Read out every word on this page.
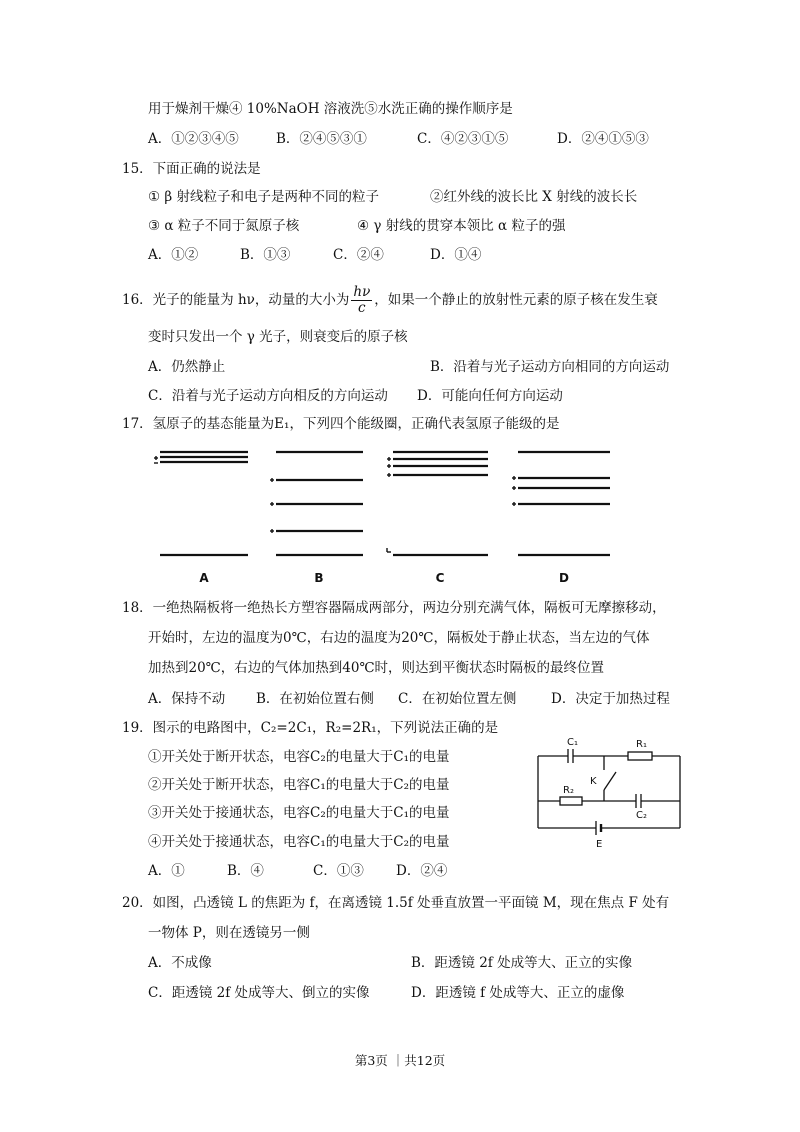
用于燥剂干燥④ 10%NaOH 溶液洗⑤水洗正确的操作顺序是
A．①②③④⑤	B．②④⑤③①	C．④②③①⑤	D．②④①⑤③
15．下面正确的说法是
① β 射线粒子和电子是两种不同的粒子	②红外线的波长比 X 射线的波长长
③ α 粒子不同于氮原子核	④ γ 射线的贯穿本领比 α 粒子的强
A．①②	B．①③	C．②④	D．①④
16．光子的能量为 hν，动量的大小为 $\frac{h\nu}{c}$ ，如果一个静止的放射性元素的原子核在发生衰
变时只发出一个 γ 光子，则衰变后的原子核
A．仍然静止	B．沿着与光子运动方向相同的方向运动
C．沿着与光子运动方向相反的方向运动 D．可能向任何方向运动
17．氢原子的基态能量为E₁，下列四个能级圈，正确代表氢原子能级的是
A	B	C	D
18．一绝热隔板将一绝热长方塑容器隔成两部分，两边分别充满气体，隔板可无摩擦移动，
开始时，左边的温度为0℃，右边的温度为20℃，隔板处于静止状态，当左边的气体
加热到20℃，右边的气体加热到40℃时，则达到平衡状态时隔板的最终位置
A．保持不动 B．在初始位置右侧 C．在初始位置左侧	D．决定于加热过程
19．图示的电路图中，C₂=2C₁，R₂=2R₁，下列说法正确的是
①开关处于断开状态，电容C₂的电量大于C₁的电量
②开关处于断开状态，电容C₁的电量大于C₂的电量
③开关处于接通状态，电容C₂的电量大于C₁的电量
④开关处于接通状态，电容C₁的电量大于C₂的电量
A．①	B．④	C．①③ D．②④
C₁	R₁
K
R₂
C₂
E
20．如图，凸透镜 L 的焦距为 f，在离透镜 1.5f 处垂直放置一平面镜 M，现在焦点 F 处有
一物体 P，则在透镜另一侧
A．不成像	B．距透镜 2f 处成等大、正立的实像
C．距透镜 2f 处成等大、倒立的实像	D．距透镜 f 处成等大、正立的虚像
第3页 ｜共12页
